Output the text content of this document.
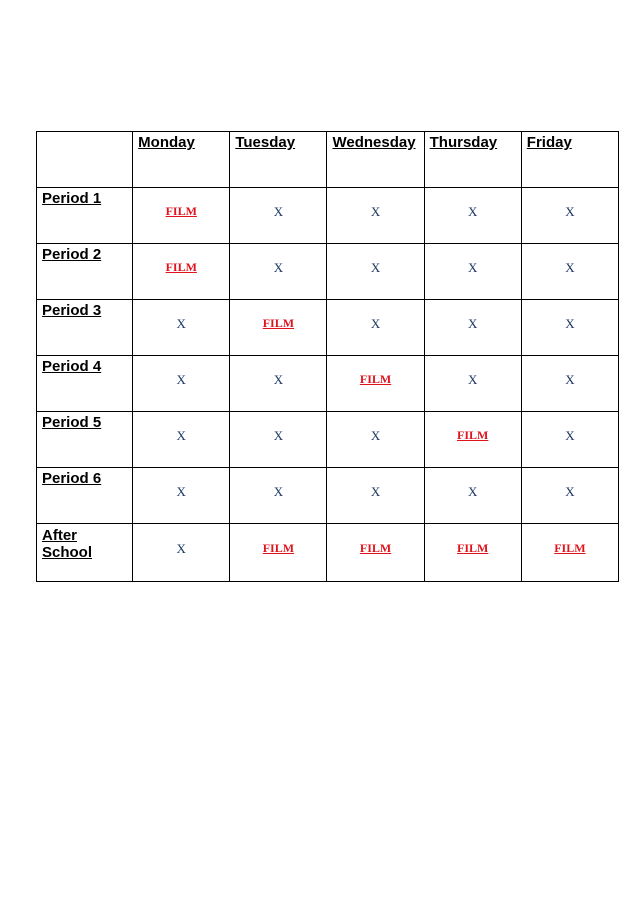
	Monday	Tuesday	Wednesday	Thursday	Friday

Period 1	FILM	X	X	X	X

Period 2	FILM	X	X	X	X

Period 3	X	FILM	X	X	X

Period 4	X	X	FILM	X	X

Period 5	X	X	X	FILM	X

Period 6	X	X	X	X	X

After
School	X	FILM	FILM	FILM	FILM
